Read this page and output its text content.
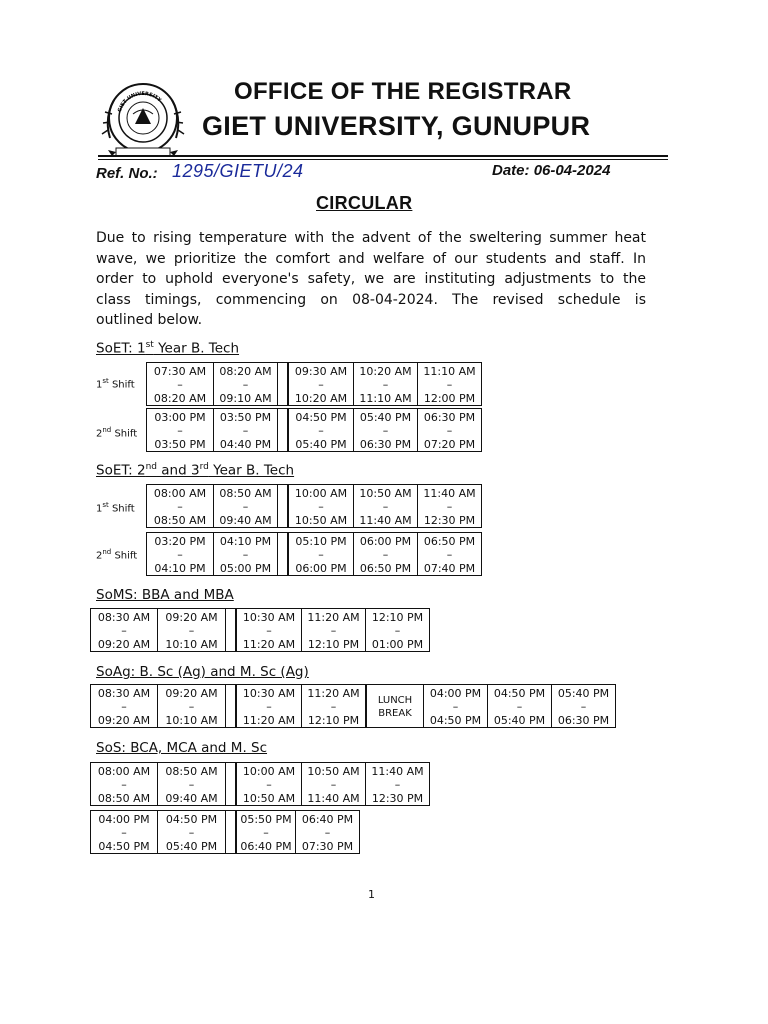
GIET UNIVERSITY	OFFICE OF THE REGISTRAR
GIET UNIVERSITY, GUNUPUR
Ref. No.: 1295/GIETU/24	Date: 06-04-2024
CIRCULAR
Due to rising temperature with the advent of the sweltering summer heat
wave, we prioritize the comfort and welfare of our students and staff. In
order to uphold everyone's safety, we are instituting adjustments to the
class timings, commencing on 08-04-2024. The revised schedule is
outlined below.
SoET: 1st Year B. Tech
1st Shift
07:30 AM
–
08:20 AM
08:20 AM
–
09:10 AM
09:30 AM
–
10:20 AM
10:20 AM
–
11:10 AM
11:10 AM
–
12:00 PM
2nd Shift
03:00 PM
–
03:50 PM
03:50 PM
–
04:40 PM
04:50 PM
–
05:40 PM
05:40 PM
–
06:30 PM
06:30 PM
–
07:20 PM
SoET: 2nd and 3rd Year B. Tech
1st Shift
08:00 AM
–
08:50 AM
08:50 AM
–
09:40 AM
10:00 AM
–
10:50 AM
10:50 AM
–
11:40 AM
11:40 AM
–
12:30 PM
2nd Shift
03:20 PM
–
04:10 PM
04:10 PM
–
05:00 PM
05:10 PM
–
06:00 PM
06:00 PM
–
06:50 PM
06:50 PM
–
07:40 PM
SoMS: BBA and MBA
08:30 AM
–
09:20 AM
09:20 AM
–
10:10 AM
10:30 AM
–
11:20 AM
11:20 AM
–
12:10 PM
12:10 PM
–
01:00 PM
SoAg: B. Sc (Ag) and M. Sc (Ag)
08:30 AM
–
09:20 AM
09:20 AM
–
10:10 AM
10:30 AM
–
11:20 AM
11:20 AM
–
12:10 PM
LUNCH
BREAK
04:00 PM
–
04:50 PM
04:50 PM
–
05:40 PM
05:40 PM
–
06:30 PM
SoS: BCA, MCA and M. Sc
08:00 AM
–
08:50 AM
08:50 AM
–
09:40 AM
10:00 AM
–
10:50 AM
10:50 AM
–
11:40 AM
11:40 AM
–
12:30 PM
04:00 PM
–
04:50 PM
04:50 PM
–
05:40 PM
05:50 PM
–
06:40 PM
06:40 PM
–
07:30 PM
1
